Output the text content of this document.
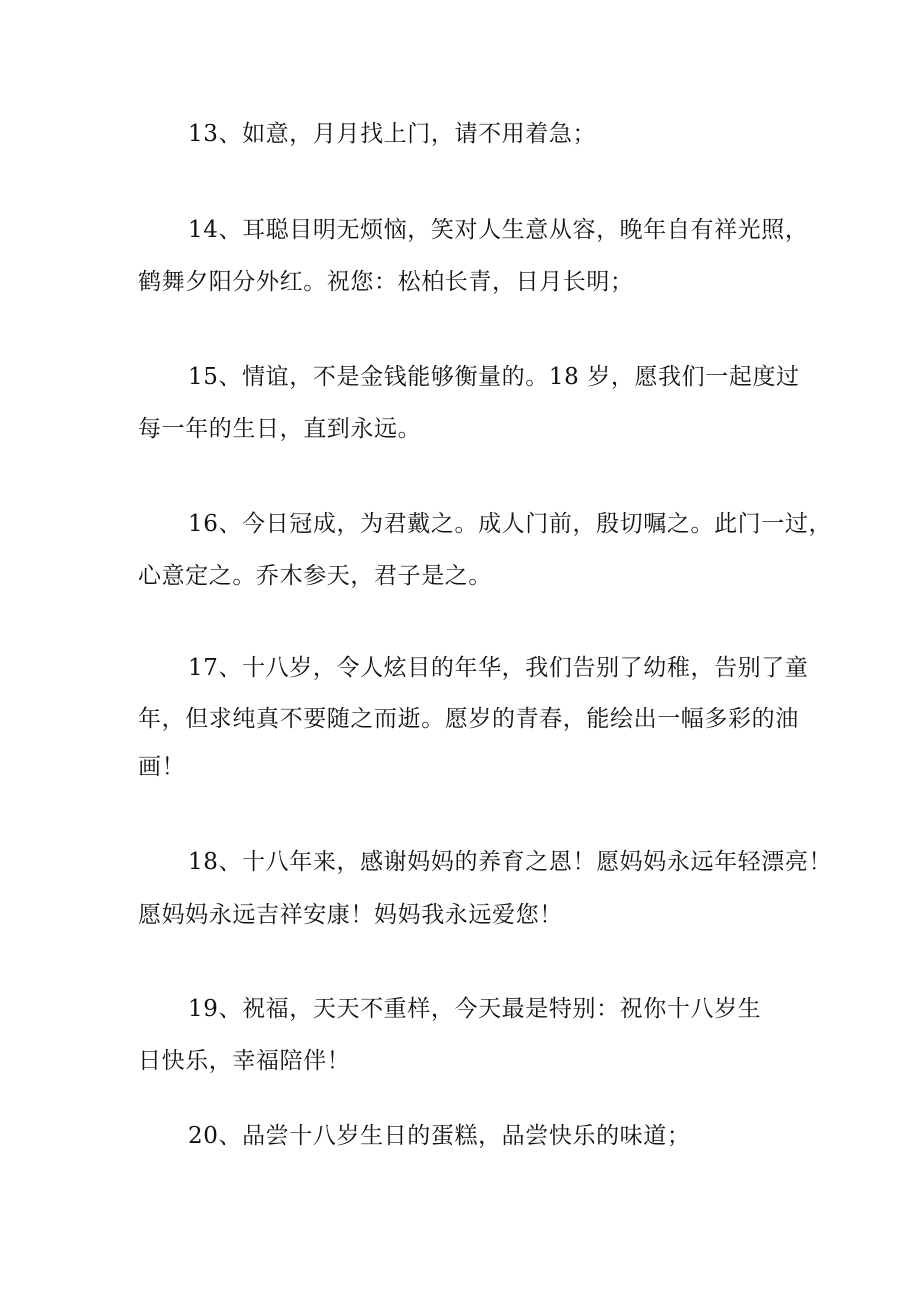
13、如意，月月找上门，请不用着急；
14、耳聪目明无烦恼，笑对人生意从容，晚年自有祥光照，
鹤舞夕阳分外红。祝您：松柏长青，日月长明；
15、情谊，不是金钱能够衡量的。18 岁，愿我们一起度过
每一年的生日，直到永远。
16、今日冠成，为君戴之。成人门前，殷切嘱之。此门一过，
心意定之。乔木参天，君子是之。
17、十八岁，令人炫目的年华，我们告别了幼稚，告别了童
年，但求纯真不要随之而逝。愿岁的青春，能绘出一幅多彩的油
画！
18、十八年来，感谢妈妈的养育之恩！愿妈妈永远年轻漂亮！
愿妈妈永远吉祥安康！妈妈我永远爱您！
19、祝福，天天不重样，今天最是特别：祝你十八岁生
日快乐，幸福陪伴！
20、品尝十八岁生日的蛋糕，品尝快乐的味道；
